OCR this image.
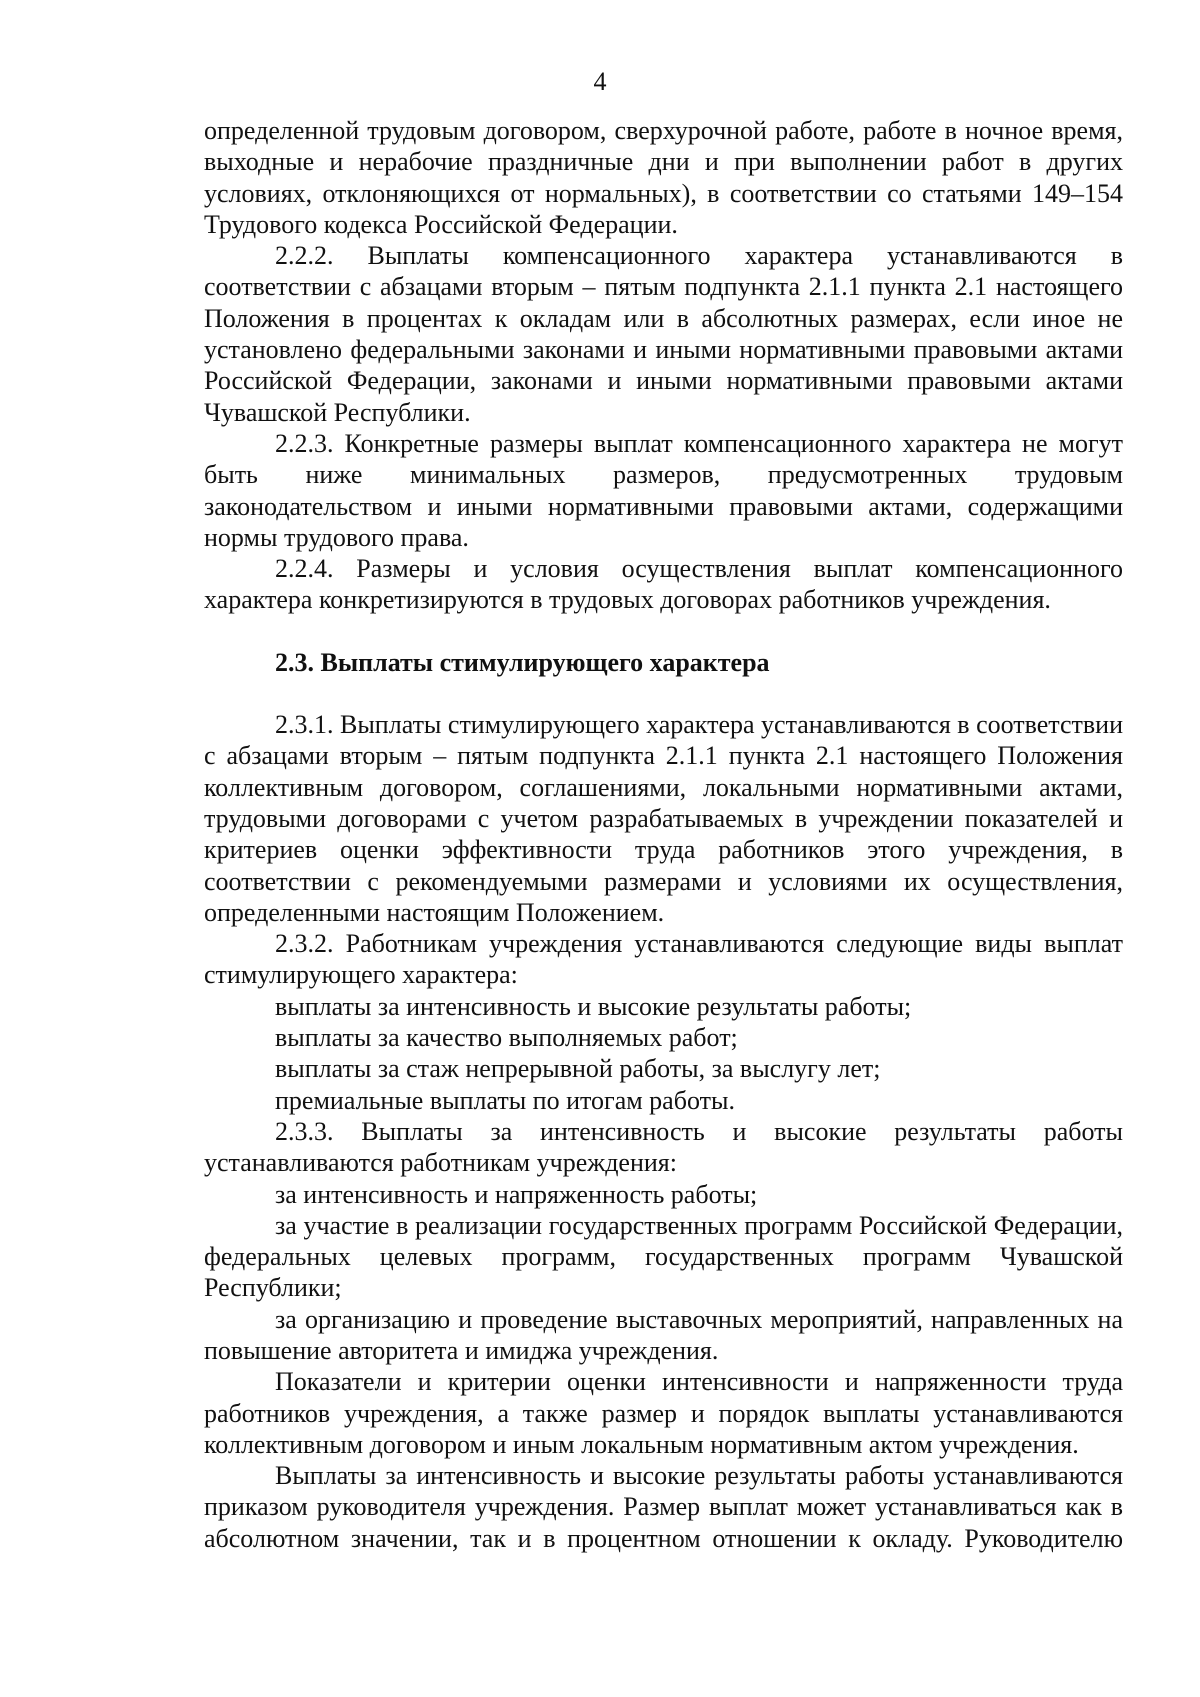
4

определенной трудовым договором, сверхурочной работе, работе в ночное время, выходные и нерабочие праздничные дни и при выполнении работ в других условиях, отклоняющихся от нормальных), в соответствии со статьями 149–154 Трудового кодекса Российской Федерации.

2.2.2. Выплаты компенсационного характера устанавливаются в соответствии с абзацами вторым – пятым подпункта 2.1.1 пункта 2.1 настоящего Положения в процентах к окладам или в абсолютных размерах, если иное не установлено федеральными законами и иными нормативными правовыми актами Российской Федерации, законами и иными нормативными правовыми актами Чувашской Республики.

2.2.3. Конкретные размеры выплат компенсационного характера не могут быть ниже минимальных размеров, предусмотренных трудовым законодательством и иными нормативными правовыми актами, содержащими нормы трудового права.

2.2.4. Размеры и условия осуществления выплат компенсационного характера конкретизируются в трудовых договорах работников учреждения.

2.3. Выплаты стимулирующего характера

2.3.1. Выплаты стимулирующего характера устанавливаются в соответствии с абзацами вторым – пятым подпункта 2.1.1 пункта 2.1 настоящего Положения коллективным договором, соглашениями, локальными нормативными актами, трудовыми договорами с учетом разрабатываемых в учреждении показателей и критериев оценки эффективности труда работников этого учреждения, в соответствии с рекомендуемыми размерами и условиями их осуществления, определенными настоящим Положением.

2.3.2. Работникам учреждения устанавливаются следующие виды выплат стимулирующего характера:

выплаты за интенсивность и высокие результаты работы;

выплаты за качество выполняемых работ;

выплаты за стаж непрерывной работы, за выслугу лет;

премиальные выплаты по итогам работы.

2.3.3. Выплаты за интенсивность и высокие результаты работы устанавливаются работникам учреждения:

за интенсивность и напряженность работы;

за участие в реализации государственных программ Российской Федерации, федеральных целевых программ, государственных программ Чувашской Республики;

за организацию и проведение выставочных мероприятий, направленных на повышение авторитета и имиджа учреждения.

Показатели и критерии оценки интенсивности и напряженности труда работников учреждения, а также размер и порядок выплаты устанавливаются коллективным договором и иным локальным нормативным актом учреждения.

Выплаты за интенсивность и высокие результаты работы устанавливаются приказом руководителя учреждения. Размер выплат может устанавливаться как в абсолютном значении, так и в процентном отношении к окладу. Руководителю
